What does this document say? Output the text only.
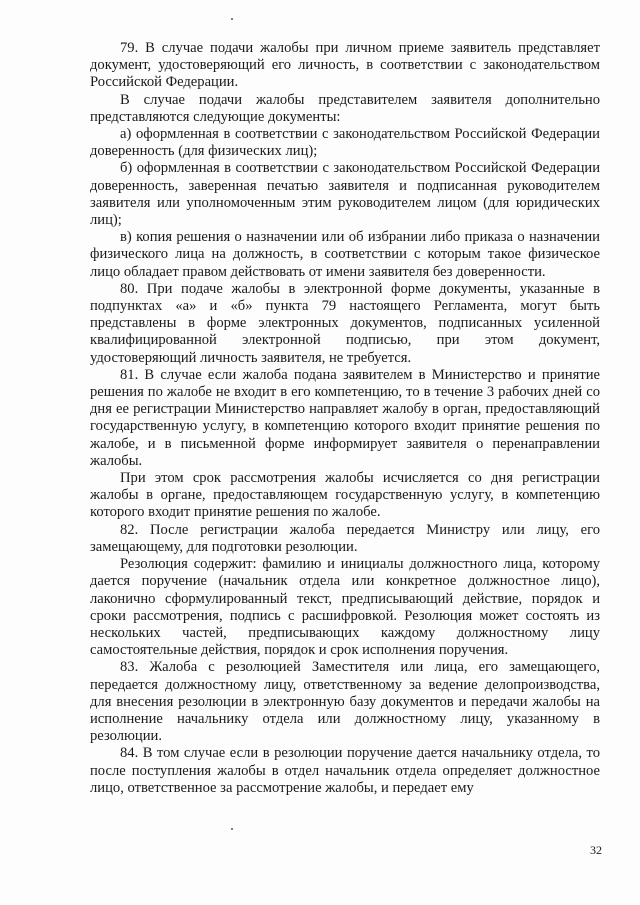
79. В случае подачи жалобы при личном приеме заявитель представляет документ, удостоверяющий его личность, в соответствии с законодательством Российской Федерации.

В случае подачи жалобы представителем заявителя дополнительно представляются следующие документы:

а) оформленная в соответствии с законодательством Российской Федерации доверенность (для физических лиц);

б) оформленная в соответствии с законодательством Российской Федерации доверенность, заверенная печатью заявителя и подписанная руководителем заявителя или уполномоченным этим руководителем лицом (для юридических лиц);

в) копия решения о назначении или об избрании либо приказа о назначении физического лица на должность, в соответствии с которым такое физическое лицо обладает правом действовать от имени заявителя без доверенности.

80. При подаче жалобы в электронной форме документы, указанные в подпунктах «а» и «б» пункта 79 настоящего Регламента, могут быть представлены в форме электронных документов, подписанных усиленной квалифицированной электронной подписью, при этом документ, удостоверяющий личность заявителя, не требуется.

81. В случае если жалоба подана заявителем в Министерство и принятие решения по жалобе не входит в его компетенцию, то в течение 3 рабочих дней со дня ее регистрации Министерство направляет жалобу в орган, предоставляющий государственную услугу, в компетенцию которого входит принятие решения по жалобе, и в письменной форме информирует заявителя о перенаправлении жалобы.

При этом срок рассмотрения жалобы исчисляется со дня регистрации жалобы в органе, предоставляющем государственную услугу, в компетенцию которого входит принятие решения по жалобе.

82. После регистрации жалоба передается Министру или лицу, его замещающему, для подготовки резолюции.

Резолюция содержит: фамилию и инициалы должностного лица, которому дается поручение (начальник отдела или конкретное должностное лицо), лаконично сформулированный текст, предписывающий действие, порядок и сроки рассмотрения, подпись с расшифровкой. Резолюция может состоять из нескольких частей, предписывающих каждому должностному лицу самостоятельные действия, порядок и срок исполнения поручения.

83. Жалоба с резолюцией Заместителя или лица, его замещающего, передается должностному лицу, ответственному за ведение делопроизводства, для внесения резолюции в электронную базу документов и передачи жалобы на исполнение начальнику отдела или должностному лицу, указанному в резолюции.

84. В том случае если в резолюции поручение дается начальнику отдела, то после поступления жалобы в отдел начальник отдела определяет должностное лицо, ответственное за рассмотрение жалобы, и передает ему

32
